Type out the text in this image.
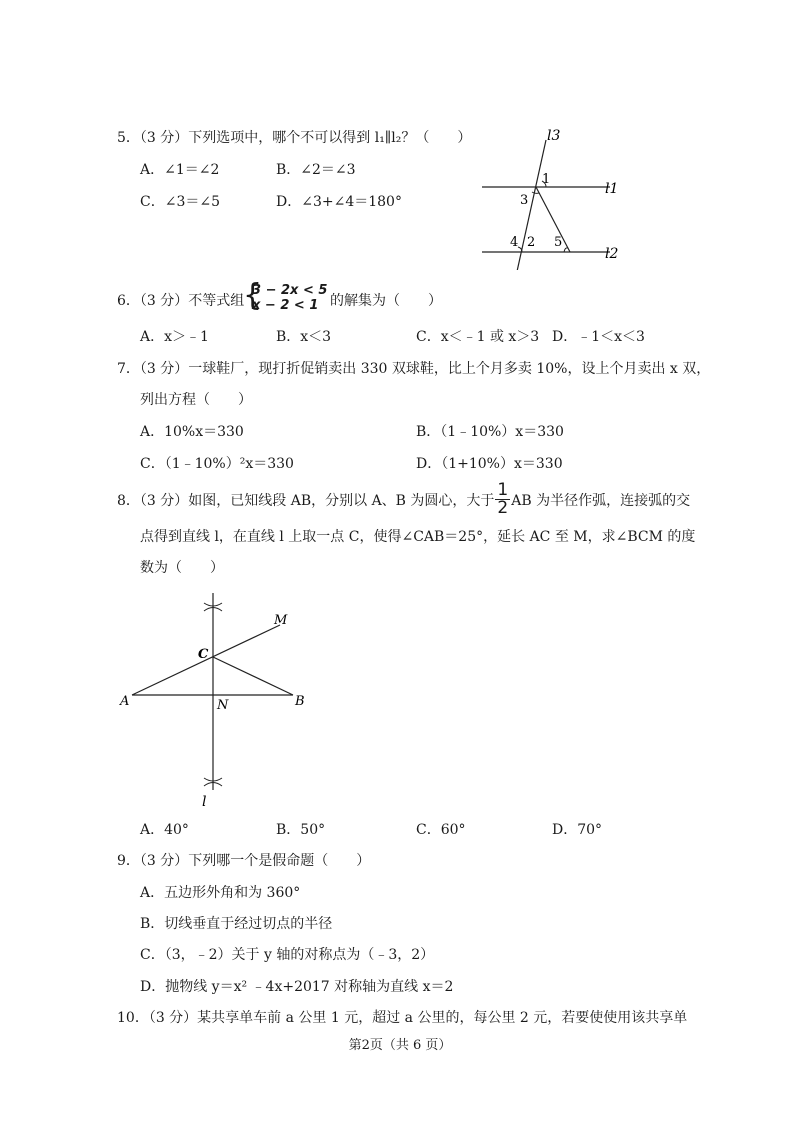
5．（3 分）下列选项中，哪个不可以得到 l₁∥l₂？（　　）
A．∠1＝∠2	B．∠2＝∠3
C．∠3＝∠5	D．∠3+∠4＝180°
l3
1
l1
3
4 2 5
l2
6．（3 分）不等式组
{
3 − 2x < 5
x − 2 < 1 的解集为（　　）
A．x＞﹣1	B．x＜3	C．x＜﹣1 或 x＞3 D．﹣1＜x＜3
7．（3 分）一球鞋厂，现打折促销卖出 330 双球鞋，比上个月多卖 10%，设上个月卖出 x 双，
列出方程（　　）
A．10%x＝330	B．（1﹣10%）x＝330
C．（1﹣10%）²x＝330	D．（1+10%）x＝330
8．（3 分）如图，已知线段 AB，分别以 A、B 为圆心，大于 $\frac{1}{2}$ AB 为半径作弧，连接弧的交
点得到直线 l，在直线 l 上取一点 C，使得∠CAB＝25°，延长 AC 至 M，求∠BCM 的度
数为（　　）
M
C
A	N	B
l
A．40°	B．50°	C．60°	D．70°
9．（3 分）下列哪一个是假命题（　　）
A．五边形外角和为 360°
B．切线垂直于经过切点的半径
C．（3，﹣2）关于 y 轴的对称点为（﹣3，2）
D．抛物线 y＝x² ﹣4x+2017 对称轴为直线 x＝2
10．（3 分）某共享单车前 a 公里 1 元，超过 a 公里的，每公里 2 元，若要使使用该共享单
第2页（共 6 页）
